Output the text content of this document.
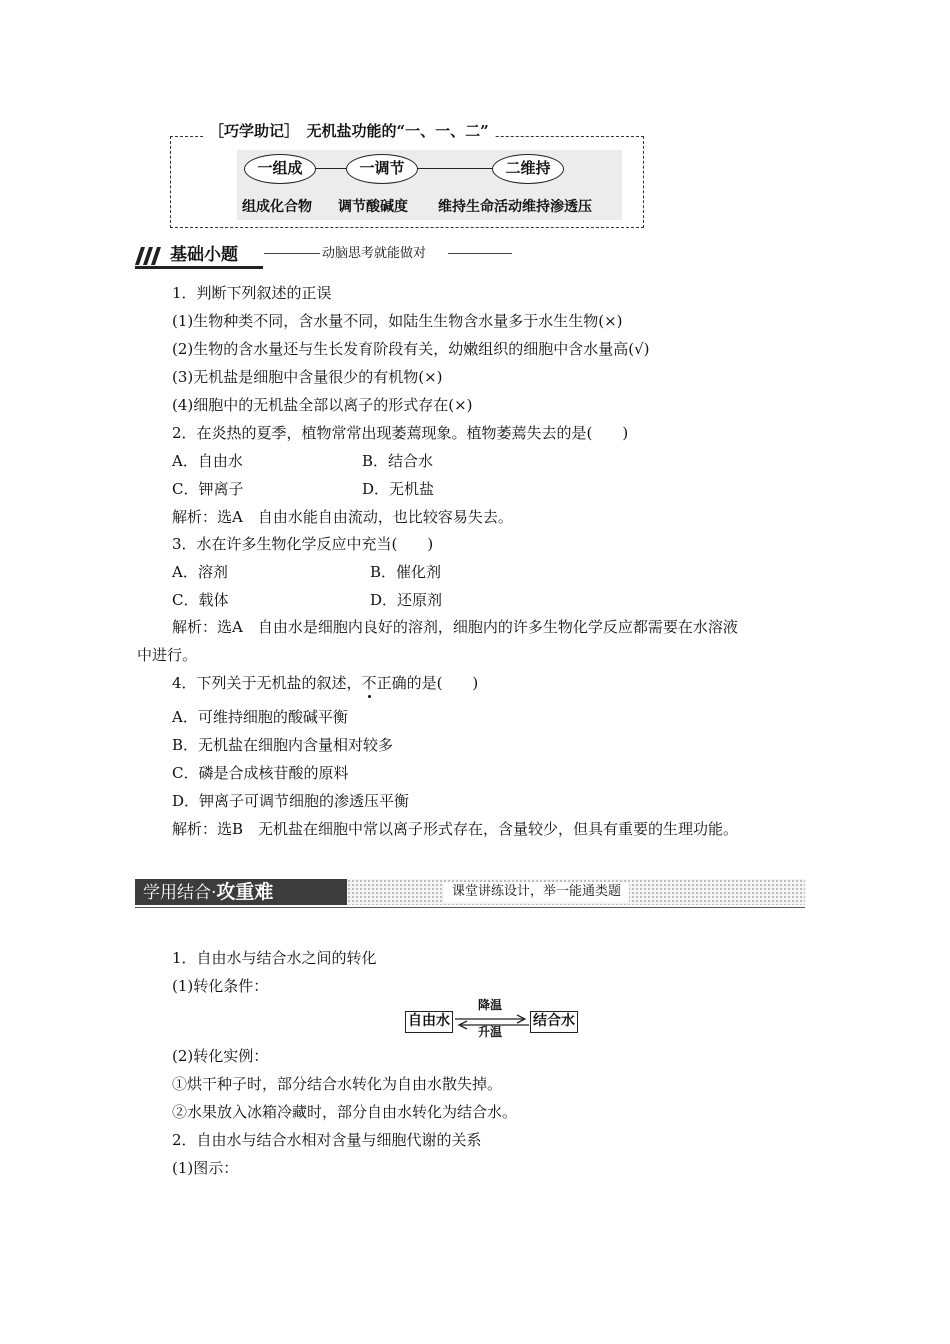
［巧学助记］　无机盐功能的“一、一、二”
一组成	一调节	二维持
组成化合物 调节酸碱度 维持生命活动维持渗透压
基础小题	动脑思考就能做对
1．判断下列叙述的正误
(1)生物种类不同，含水量不同，如陆生生物含水量多于水生生物(×)
(2)生物的含水量还与生长发育阶段有关，幼嫩组织的细胞中含水量高(√)
(3)无机盐是细胞中含量很少的有机物(×)
(4)细胞中的无机盐全部以离子的形式存在(×)
2．在炎热的夏季，植物常常出现萎蔫现象。植物萎蔫失去的是(　　)
A．自由水	B．结合水
C．钾离子	D．无机盐
解析：选A　自由水能自由流动，也比较容易失去。
3．水在许多生物化学反应中充当(　　)
A．溶剂	B．催化剂
C．载体	D．还原剂
解析：选A　自由水是细胞内良好的溶剂，细胞内的许多生物化学反应都需要在水溶液
中进行。
4．下列关于无机盐的叙述，不正确的是(　　)
A．可维持细胞的酸碱平衡
B．无机盐在细胞内含量相对较多
C．磷是合成核苷酸的原料
D．钾离子可调节细胞的渗透压平衡
解析：选B　无机盐在细胞中常以离子形式存在，含量较少，但具有重要的生理功能。
学用结合·攻重难	课堂讲练设计，举一能通类题
1．自由水与结合水之间的转化
(1)转化条件：
自由水	结合水
降温
升温
(2)转化实例：
①烘干种子时，部分结合水转化为自由水散失掉。
②水果放入冰箱冷藏时，部分自由水转化为结合水。
2．自由水与结合水相对含量与细胞代谢的关系
(1)图示：
